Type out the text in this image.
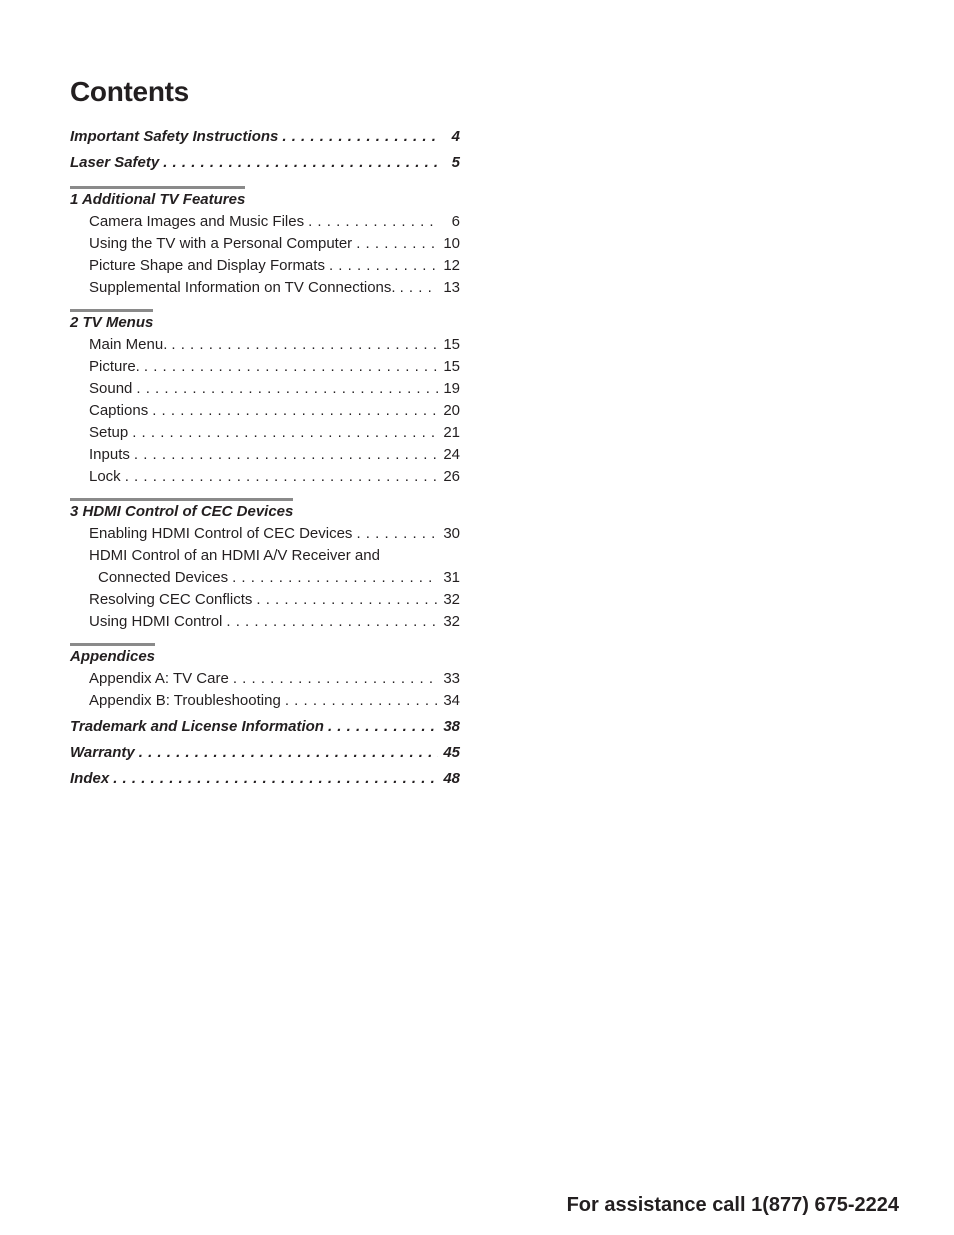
Contents
Important Safety Instructions . . .	4
Laser Safety . . .	5
1 Additional TV Features
Camera Images and Music Files . . .	6
Using the TV with a Personal Computer . . .	10
Picture Shape and Display Formats . . .	12
Supplemental Information on TV Connections. . . .	13
2 TV Menus
Main Menu. . . .	15
Picture. . . .	15
Sound . . .	19
Captions . . .	20
Setup . . .	21
Inputs . . .	24
Lock . . .	26
3 HDMI Control of CEC Devices
Enabling HDMI Control of CEC Devices . . .	30
HDMI Control of an HDMI A/V Receiver and
Connected Devices . . .	31
Resolving CEC Conflicts . . .	32
Using HDMI Control . . .	32
Appendices
Appendix A: TV Care . . .	33
Appendix B: Troubleshooting . . .	34
Trademark and License Information . . .	38
Warranty . . .	45
Index . . .	48
For assistance call 1(877) 675-2224
